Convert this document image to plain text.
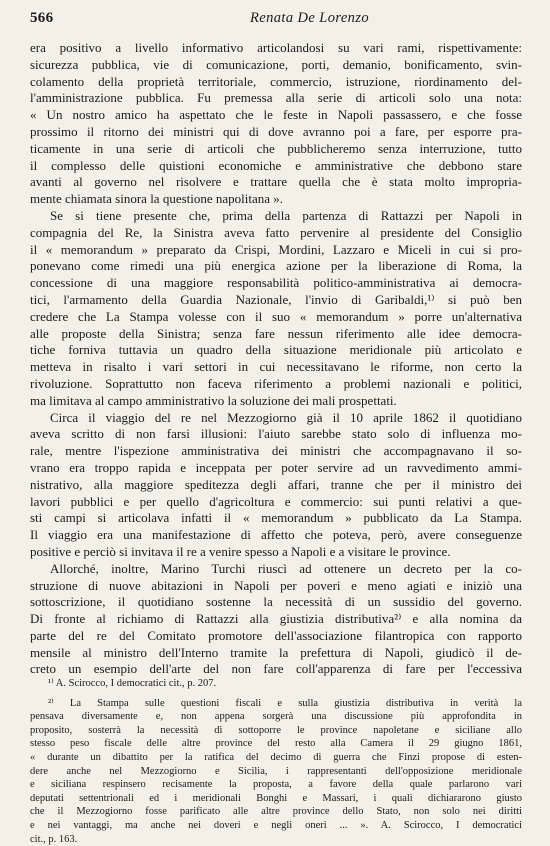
566	Renata De Lorenzo
era positivo a livello informativo articolandosi su vari rami, rispettivamente:
sicurezza pubblica, vie di comunicazione, porti, demanio, bonificamento, svin-
colamento della proprietà territoriale, commercio, istruzione, riordinamento del-
l'amministrazione pubblica. Fu premessa alla serie di articoli solo una nota:
« Un nostro amico ha aspettato che le feste in Napoli passassero, e che fosse
prossimo il ritorno dei ministri qui di dove avranno poi a fare, per esporre pra-
ticamente in una serie di articoli che pubblicheremo senza interruzione, tutto
il complesso delle quistioni economiche e amministrative che debbono stare
avanti al governo nel risolvere e trattare quella che è stata molto impropria-
mente chiamata sinora la questione napolitana ».
Se si tiene presente che, prima della partenza di Rattazzi per Napoli in
compagnia del Re, la Sinistra aveva fatto pervenire al presidente del Consiglio
il « memorandum » preparato da Crispi, Mordini, Lazzaro e Miceli in cui si pro-
ponevano come rimedi una più energica azione per la liberazione di Roma, la
concessione di una maggiore responsabilità politico-amministrativa ai democra-
tici, l'armamento della Guardia Nazionale, l'invio di Garibaldi,¹⁾ si può ben
credere che La Stampa volesse con il suo « memorandum » porre un'alternativa
alle proposte della Sinistra; senza fare nessun riferimento alle idee democra-
tiche forniva tuttavia un quadro della situazione meridionale più articolato e
metteva in risalto i vari settori in cui necessitavano le riforme, non certo la
rivoluzione. Soprattutto non faceva riferimento a problemi nazionali e politici,
ma limitava al campo amministrativo la soluzione dei mali prospettati.
Circa il viaggio del re nel Mezzogiorno già il 10 aprile 1862 il quotidiano
aveva scritto di non farsi illusioni: l'aiuto sarebbe stato solo di influenza mo-
rale, mentre l'ispezione amministrativa dei ministri che accompagnavano il so-
vrano era troppo rapida e inceppata per poter servire ad un ravvedimento ammi-
nistrativo, alla maggiore speditezza degli affari, tranne che per il ministro dei
lavori pubblici e per quello d'agricoltura e commercio: sui punti relativi a que-
sti campi si articolava infatti il « memorandum » pubblicato da La Stampa.
Il viaggio era una manifestazione di affetto che poteva, però, avere conseguenze
positive e perciò si invitava il re a venire spesso a Napoli e a visitare le province.
Allorché, inoltre, Marino Turchi riuscì ad ottenere un decreto per la co-
struzione di nuove abitazioni in Napoli per poveri e meno agiati e iniziò una
sottoscrizione, il quotidiano sostenne la necessità di un sussidio del governo.
Di fronte al richiamo di Rattazzi alla giustizia distributiva²⁾ e alla nomina da
parte del re del Comitato promotore dell'associazione filantropica con rapporto
mensile al ministro dell'Interno tramite la prefettura di Napoli, giudicò il de-
creto un esempio dell'arte del non fare coll'apparenza di fare per l'eccessiva
¹⁾ A. Scirocco, I democratici cit., p. 207.
²⁾ La Stampa sulle questioni fiscali e sulla giustizia distributiva in verità la
pensava diversamente e, non appena sorgerà una discussione più approfondita in
proposito, sosterrà la necessità di sottoporre le province napoletane e siciliane allo
stesso peso fiscale delle altre province del resto alla Camera il 29 giugno 1861,
« durante un dibattito per la ratifica del decimo di guerra che Finzi propose di esten-
dere anche nel Mezzogiorno e Sicilia, i rappresentanti dell'opposizione meridionale
e siciliana respinsero recisamente la proposta, a favore della quale parlarono vari
deputati settentrionali ed i meridionali Bonghi e Massari, i quali dichiararono giusto
che il Mezzogiorno fosse parificato alle altre province dello Stato, non solo nei diritti
e nei vantaggi, ma anche nei doveri e negli oneri ... ». A. Scirocco, I democratici
cit., p. 163.
